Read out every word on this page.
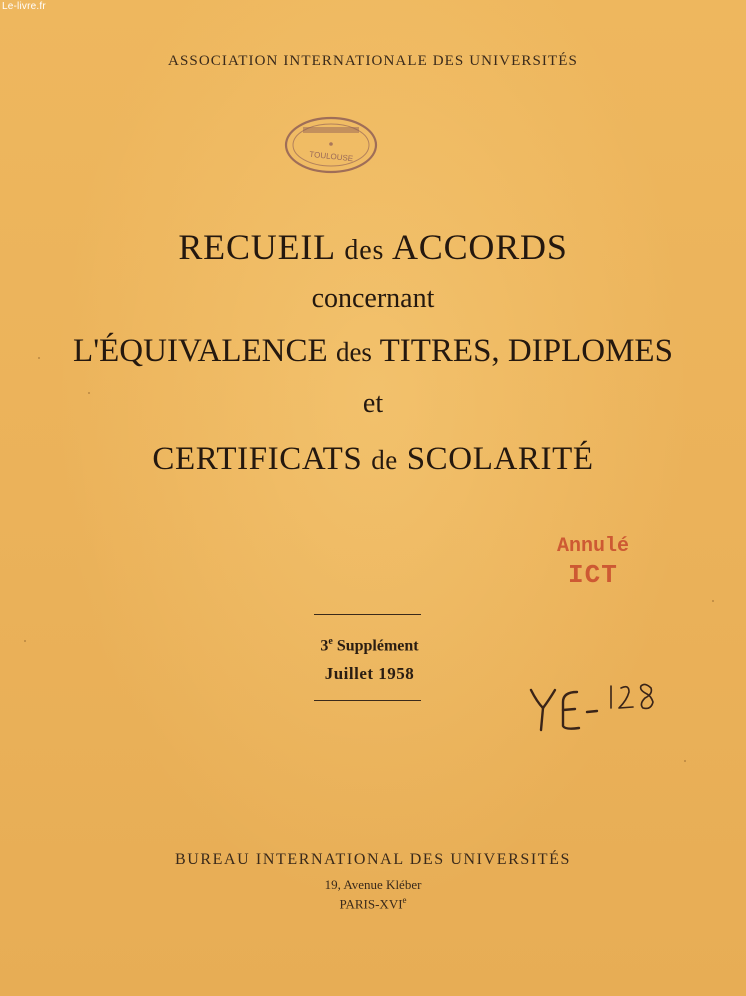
Le-livre.fr
ASSOCIATION INTERNATIONALE DES UNIVERSITÉS
TOULOUSE
RECUEIL des ACCORDS
concernant
L'ÉQUIVALENCE des TITRES, DIPLOMES
et
CERTIFICATS de SCOLARITÉ
Annulé
ICT
3e Supplément
Juillet 1958
BUREAU INTERNATIONAL DES UNIVERSITÉS
19, Avenue Kléber
PARIS-XVIe
